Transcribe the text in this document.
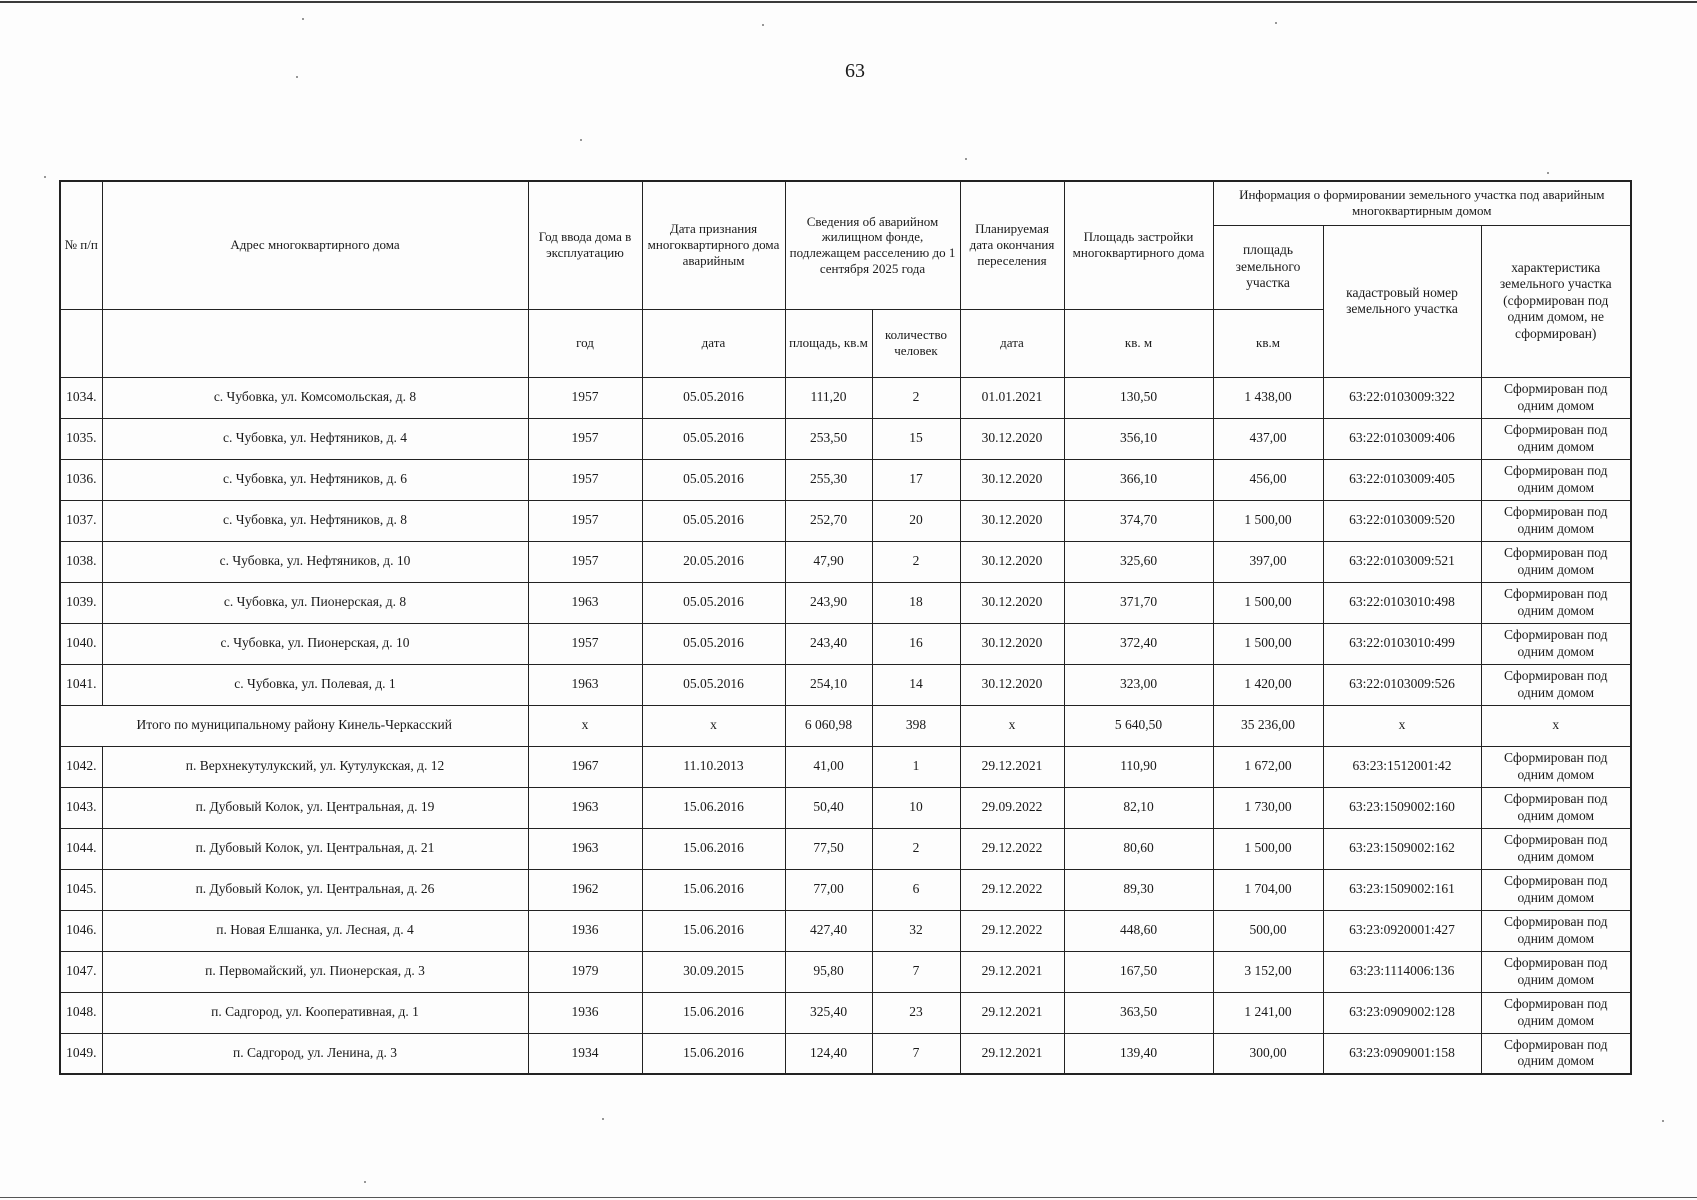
63
№ п/п	Адрес многоквартирного дома	Год ввода дома в эксплуатацию	Дата признания многоквартирного дома аварийным	Сведения об аварийном жилищном фонде, подлежащем расселению до 1 сентября 2025 года		Планируемая дата окончания переселения	Площадь застройки многоквартирного дома	Информация о формировании земельного участка под аварийным многоквартирным домом		
								площадь земельного участка	кадастровый номер земельного участка	характеристика земельного участка (сформирован под одним домом, не сформирован)
		год	дата	площадь, кв.м	количество человек	дата	кв. м	кв.м		
1034.	с. Чубовка, ул. Комсомольская, д. 8	1957	05.05.2016	111,20	2	01.01.2021	130,50	1 438,00	63:22:0103009:322	Сформирован под одним домом
1035.	с. Чубовка, ул. Нефтяников, д. 4	1957	05.05.2016	253,50	15	30.12.2020	356,10	437,00	63:22:0103009:406	Сформирован под одним домом
1036.	с. Чубовка, ул. Нефтяников, д. 6	1957	05.05.2016	255,30	17	30.12.2020	366,10	456,00	63:22:0103009:405	Сформирован под одним домом
1037.	с. Чубовка, ул. Нефтяников, д. 8	1957	05.05.2016	252,70	20	30.12.2020	374,70	1 500,00	63:22:0103009:520	Сформирован под одним домом
1038.	с. Чубовка, ул. Нефтяников, д. 10	1957	20.05.2016	47,90	2	30.12.2020	325,60	397,00	63:22:0103009:521	Сформирован под одним домом
1039.	с. Чубовка, ул. Пионерская, д. 8	1963	05.05.2016	243,90	18	30.12.2020	371,70	1 500,00	63:22:0103010:498	Сформирован под одним домом
1040.	с. Чубовка, ул. Пионерская, д. 10	1957	05.05.2016	243,40	16	30.12.2020	372,40	1 500,00	63:22:0103010:499	Сформирован под одним домом
1041.	с. Чубовка, ул. Полевая, д. 1	1963	05.05.2016	254,10	14	30.12.2020	323,00	1 420,00	63:22:0103009:526	Сформирован под одним домом
Итого по муниципальному району Кинель-Черкасский		х	х	6 060,98	398	х	5 640,50	35 236,00	х	х
1042.	п. Верхнекутулукский, ул. Кутулукская, д. 12	1967	11.10.2013	41,00	1	29.12.2021	110,90	1 672,00	63:23:1512001:42	Сформирован под одним домом
1043.	п. Дубовый Колок, ул. Центральная, д. 19	1963	15.06.2016	50,40	10	29.09.2022	82,10	1 730,00	63:23:1509002:160	Сформирован под одним домом
1044.	п. Дубовый Колок, ул. Центральная, д. 21	1963	15.06.2016	77,50	2	29.12.2022	80,60	1 500,00	63:23:1509002:162	Сформирован под одним домом
1045.	п. Дубовый Колок, ул. Центральная, д. 26	1962	15.06.2016	77,00	6	29.12.2022	89,30	1 704,00	63:23:1509002:161	Сформирован под одним домом
1046.	п. Новая Елшанка, ул. Лесная, д. 4	1936	15.06.2016	427,40	32	29.12.2022	448,60	500,00	63:23:0920001:427	Сформирован под одним домом
1047.	п. Первомайский, ул. Пионерская, д. 3	1979	30.09.2015	95,80	7	29.12.2021	167,50	3 152,00	63:23:1114006:136	Сформирован под одним домом
1048.	п. Садгород, ул. Кооперативная, д. 1	1936	15.06.2016	325,40	23	29.12.2021	363,50	1 241,00	63:23:0909002:128	Сформирован под одним домом
1049.	п. Садгород, ул. Ленина, д. 3	1934	15.06.2016	124,40	7	29.12.2021	139,40	300,00	63:23:0909001:158	Сформирован под одним домом
